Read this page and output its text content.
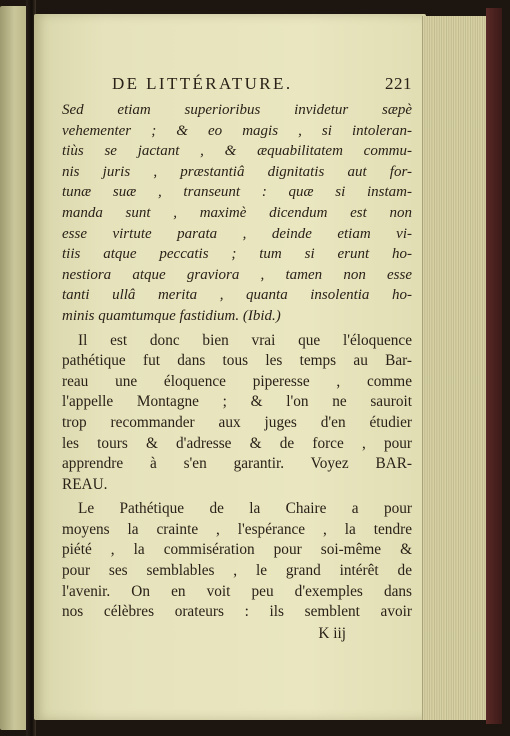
DE LITTÉRATURE.	221
Sed etiam superioribus invidetur sæpè
vehementer ; & eo magis , si intoleran-
tiùs se jactant , & æquabilitatem commu-
nis juris , præstantiâ dignitatis aut for-
tunæ suæ , transeunt : quæ si instam-
manda sunt , maximè dicendum est non
esse virtute parata , deinde etiam vi-
tiis atque peccatis ; tum si erunt ho-
nestiora atque graviora , tamen non esse
tanti ullâ merita , quanta insolentia ho-
minis quamtumque fastidium. (Ibid.)
Il est donc bien vrai que l'éloquence
pathétique fut dans tous les temps au Bar-
reau une éloquence piperesse , comme
l'appelle Montagne ; & l'on ne sauroit
trop recommander aux juges d'en étudier
les tours & d'adresse & de force , pour
apprendre à s'en garantir. Voyez BAR-
REAU.
Le Pathétique de la Chaire a pour
moyens la crainte , l'espérance , la tendre
piété , la commisération pour soi-même &
pour ses semblables , le grand intérêt de
l'avenir. On en voit peu d'exemples dans
nos célèbres orateurs : ils semblent avoir
K iij
